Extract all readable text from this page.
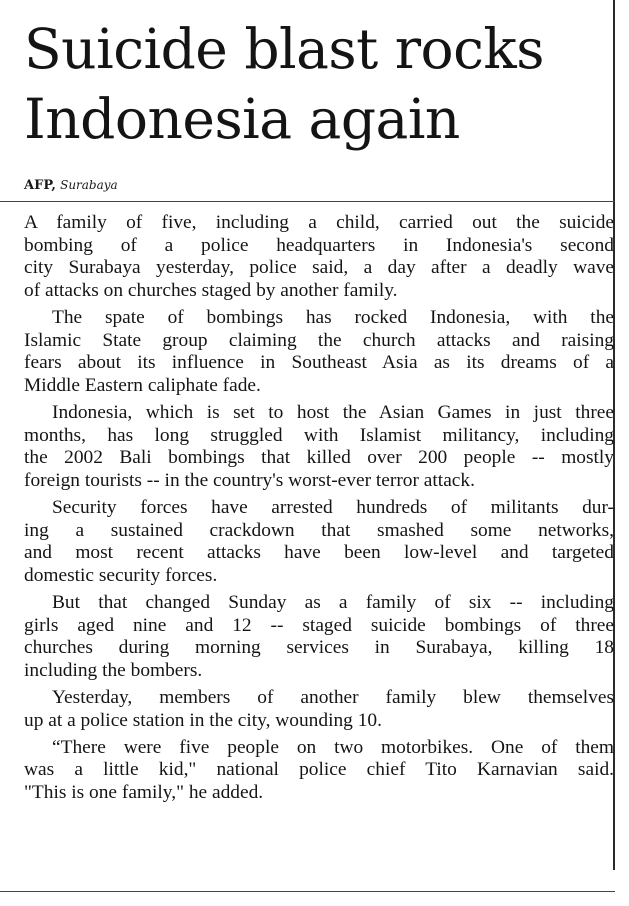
Suicide blast rocks
Indonesia again
AFP, Surabaya
A family of five, including a child, carried out the suicide
bombing of a police headquarters in Indonesia's second
city Surabaya yesterday, police said, a day after a deadly wave
of attacks on churches staged by another family.
The spate of bombings has rocked Indonesia, with the
Islamic State group claiming the church attacks and raising
fears about its influence in Southeast Asia as its dreams of a
Middle Eastern caliphate fade.
Indonesia, which is set to host the Asian Games in just three
months, has long struggled with Islamist militancy, including
the 2002 Bali bombings that killed over 200 people -- mostly
foreign tourists -- in the country's worst-ever terror attack.
Security forces have arrested hundreds of militants dur-
ing a sustained crackdown that smashed some networks,
and most recent attacks have been low-level and targeted
domestic security forces.
But that changed Sunday as a family of six -- including
girls aged nine and 12 -- staged suicide bombings of three
churches during morning services in Surabaya, killing 18
including the bombers.
Yesterday, members of another family blew themselves
up at a police station in the city, wounding 10.
“There were five people on two motorbikes. One of them
was a little kid," national police chief Tito Karnavian said.
"This is one family," he added.
